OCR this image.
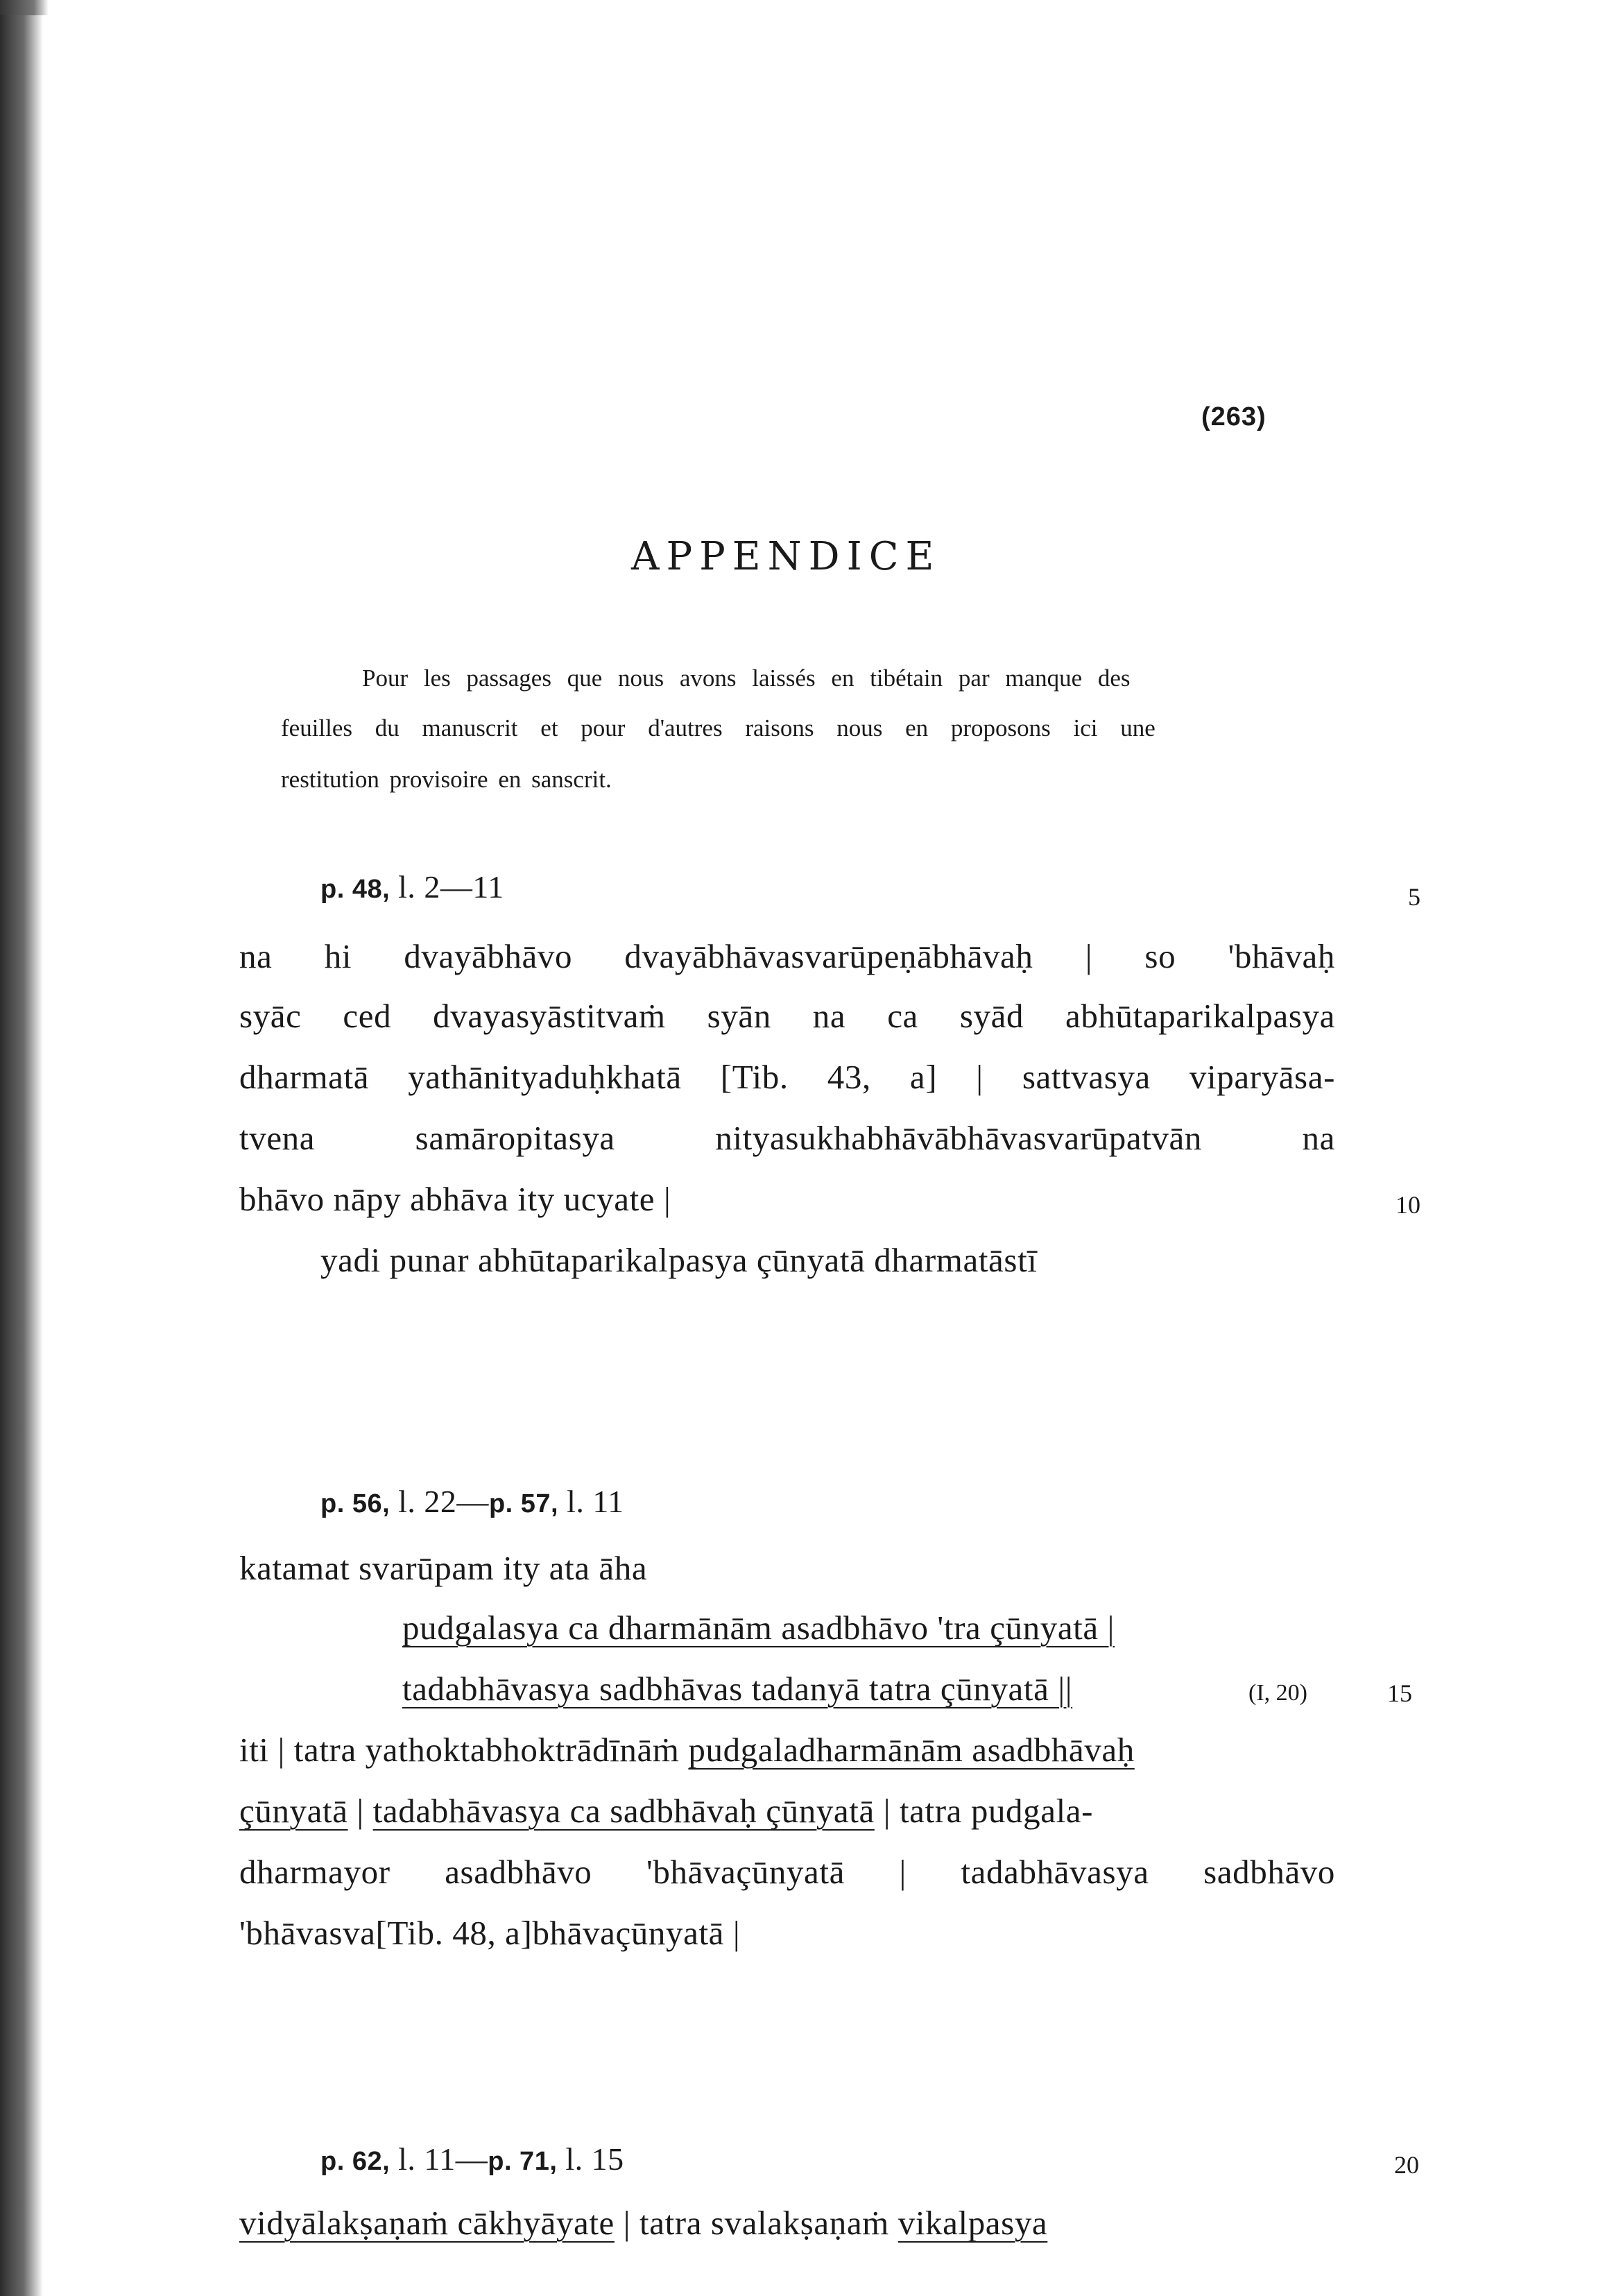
(263)
APPENDICE
Pour les passages que nous avons laissés en tibétain par manque des
feuilles du manuscrit et pour d'autres raisons nous en proposons ici une
restitution provisoire en sanscrit.
p. 48, l. 2—11	5
na hi dvayābhāvo dvayābhāvasvarūpeṇābhāvaḥ | so 'bhāvaḥ
syāc ced dvayasyāstitvaṁ syān na ca syād abhūtaparikalpasya
dharmatā yathānityaduḥkhatā [Tib. 43, a] | sattvasya viparyāsa-
tvena samāropitasya nityasukhabhāvābhāvasvarūpatvān na
bhāvo nāpy abhāva ity ucyate |	10
yadi punar abhūtaparikalpasya çūnyatā dharmatāstī
p. 56, l. 22—p. 57, l. 11
katamat svarūpam ity ata āha
pudgalasya ca dharmānām asadbhāvo 'tra çūnyatā |
tadabhāvasya sadbhāvas tadanyā tatra çūnyatā ||	(I, 20)	15
iti | tatra yathoktabhoktrādīnāṁ pudgaladharmānām asadbhāvaḥ
çūnyatā | tadabhāvasya ca sadbhāvaḥ çūnyatā | tatra pudgala-
dharmayor asadbhāvo 'bhāvaçūnyatā | tadabhāvasya sadbhāvo
'bhāvasva[Tib. 48, a]bhāvaçūnyatā |
p. 62, l. 11—p. 71, l. 15	20
vidyālakṣaṇaṁ cākhyāyate | tatra svalakṣaṇaṁ vikalpasya
